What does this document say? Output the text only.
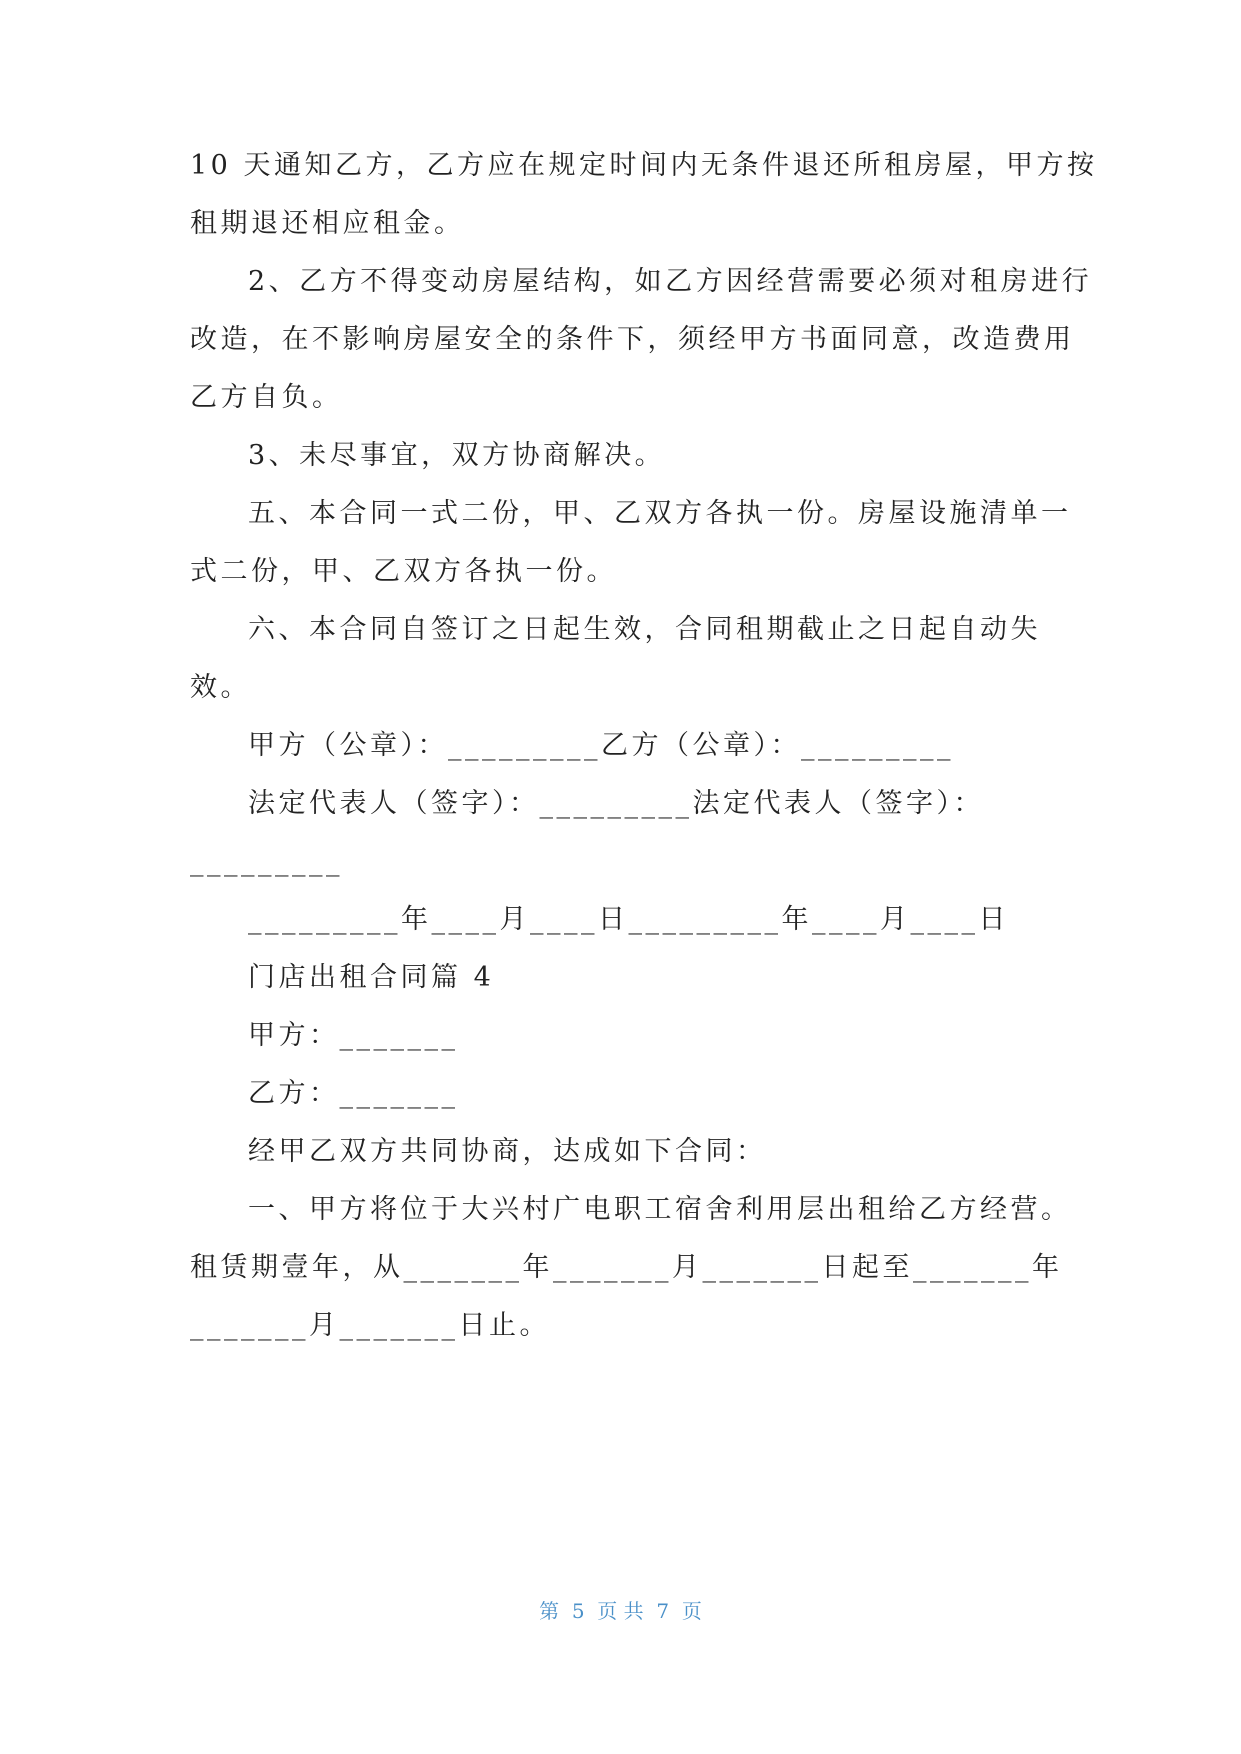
10 天通知乙方，乙方应在规定时间内无条件退还所租房屋，甲方按
租期退还相应租金。
2、乙方不得变动房屋结构，如乙方因经营需要必须对租房进行
改造，在不影响房屋安全的条件下，须经甲方书面同意，改造费用
乙方自负。
3、未尽事宜，双方协商解决。
五、本合同一式二份，甲、乙双方各执一份。房屋设施清单一
式二份，甲、乙双方各执一份。
六、本合同自签订之日起生效，合同租期截止之日起自动失
效。
甲方（公章）：_________乙方（公章）：_________
法定代表人（签字）：_________法定代表人（签字）：
_________
_________年____月____日_________年____月____日
门店出租合同篇 4
甲方：_______
乙方：_______
经甲乙双方共同协商，达成如下合同：
一、甲方将位于大兴村广电职工宿舍利用层出租给乙方经营。
租赁期壹年，从_______年_______月_______日起至_______年
_______月_______日止。
第  5  页 共  7  页
